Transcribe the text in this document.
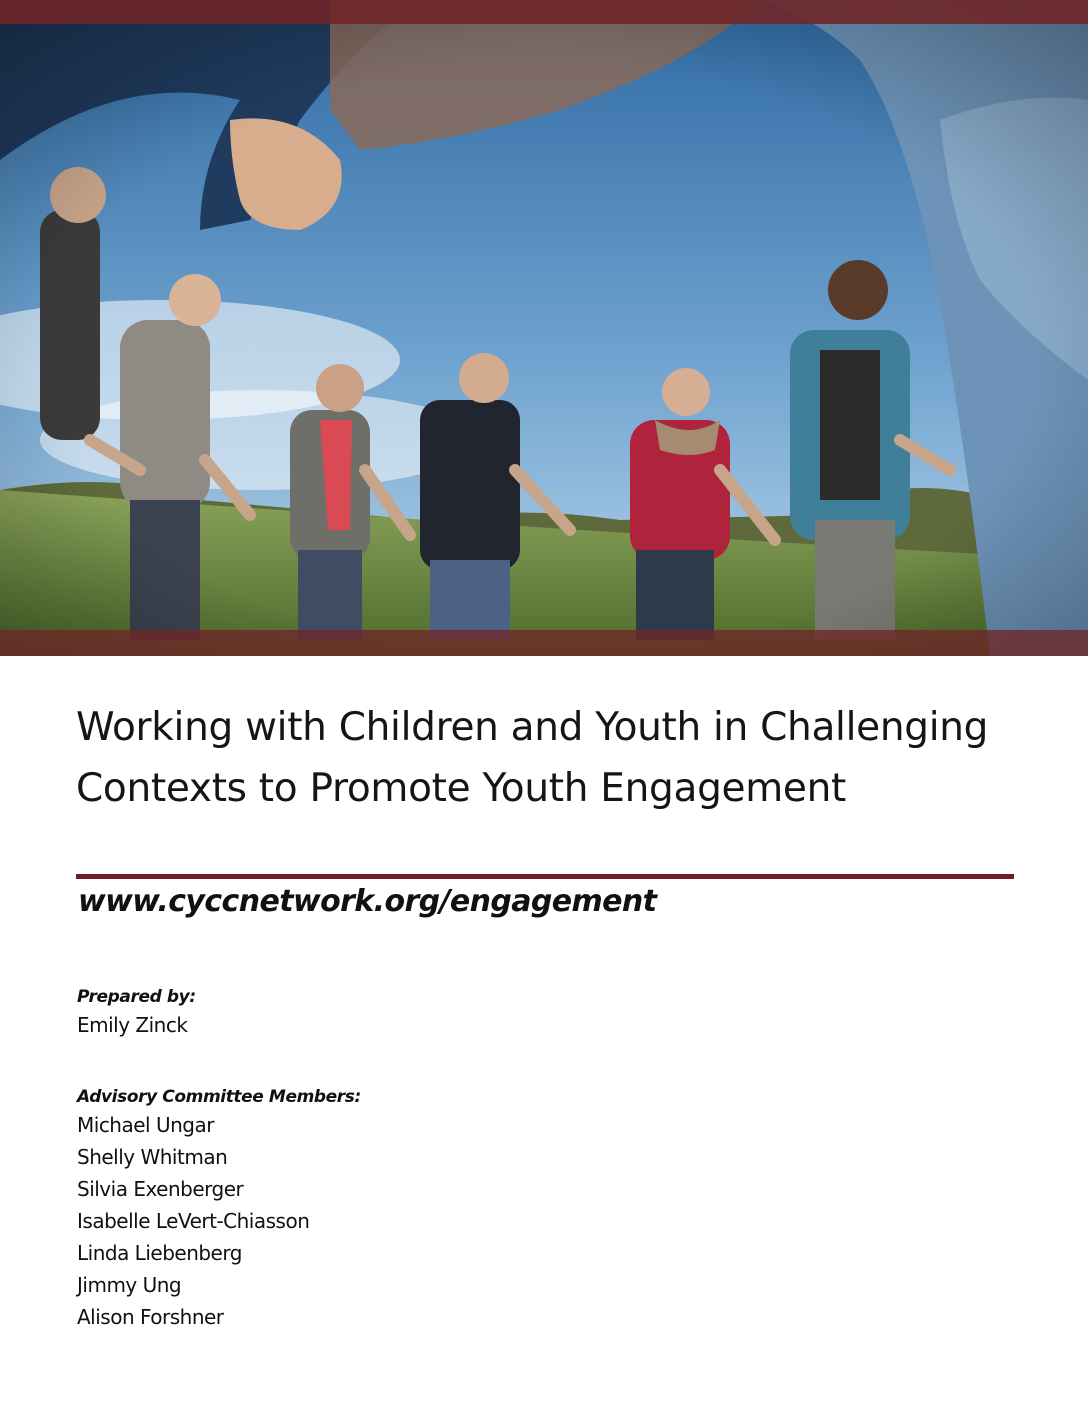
Working with Children and Youth in Challenging Contexts to Promote Youth Engagement
www.cyccnetwork.org/engagement
Prepared by:
Emily Zinck
Advisory Committee Members:
Michael Ungar
Shelly Whitman
Silvia Exenberger
Isabelle LeVert-Chiasson
Linda Liebenberg
Jimmy Ung
Alison Forshner
